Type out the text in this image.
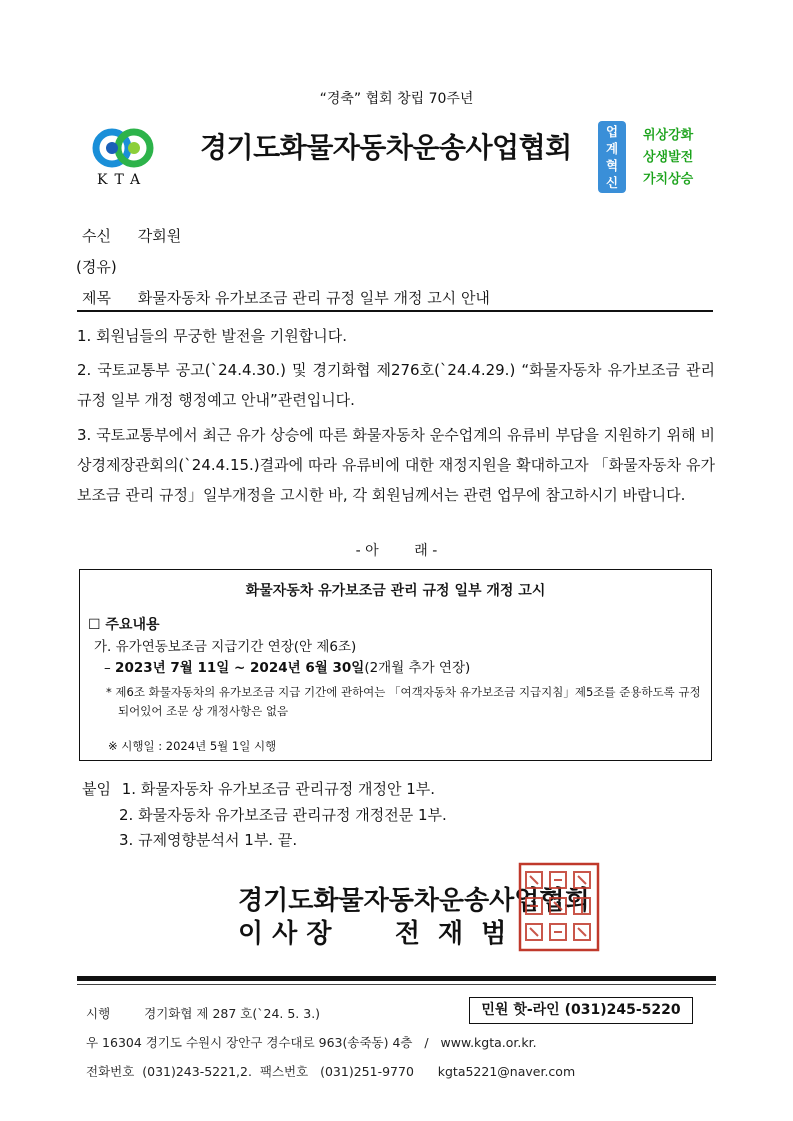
“경축” 협회 창립 70주년
KTA
경기도화물자동차운송사업협회	업
계
혁
신
위상강화
상생발전
가치상승
수신 각회원
(경유)
제목 화물자동차 유가보조금 관리 규정 일부 개정 고시 안내
1. 회원님들의 무궁한 발전을 기원합니다.
2. 국토교통부 공고(`24.4.30.) 및 경기화협 제276호(`24.4.29.) “화물자동차 유가보조금 관리 규정 일부 개정 행정예고 안내”관련입니다.
3. 국토교통부에서 최근 유가 상승에 따른 화물자동차 운수업계의 유류비 부담을 지원하기 위해 비상경제장관회의(`24.4.15.)결과에 따라 유류비에 대한 재정지원을 확대하고자 「화물자동차 유가보조금 관리 규정」일부개정을 고시한 바, 각 회원님께서는 관련 업무에 참고하시기 바랍니다.
- 아        래 -
화물자동차 유가보조금 관리 규정 일부 개정 고시
☐ 주요내용
가. 유가연동보조금 지급기간 연장(안 제6조)
– 2023년 7월 11일 ~ 2024년 6월 30일(2개월 추가 연장)
* 제6조 화물자동차의 유가보조금 지급 기간에 관하여는 「여객자동차 유가보조금 지급지침」제5조를 준용하도록 규정되어있어 조문 상 개정사항은 없음
※ 시행일 : 2024년 5월 1일 시행
붙임 1. 화물자동차 유가보조금 관리규정 개정안 1부.
2. 화물자동차 유가보조금 관리규정 개정전문 1부.
3. 규제영향분석서 1부. 끝.
경기도화물자동차운송사업협회
이 사 장       전  재  범
시행	경기화협 제 287 호(`24. 5. 3.)	민원 핫-라인 (031)245-5220
우 16304 경기도 수원시 장안구 경수대로 963(송죽동) 4층   /   www.kgta.or.kr.
전화번호  (031)243-5221,2.  팩스번호   (031)251-9770      kgta5221@naver.com
